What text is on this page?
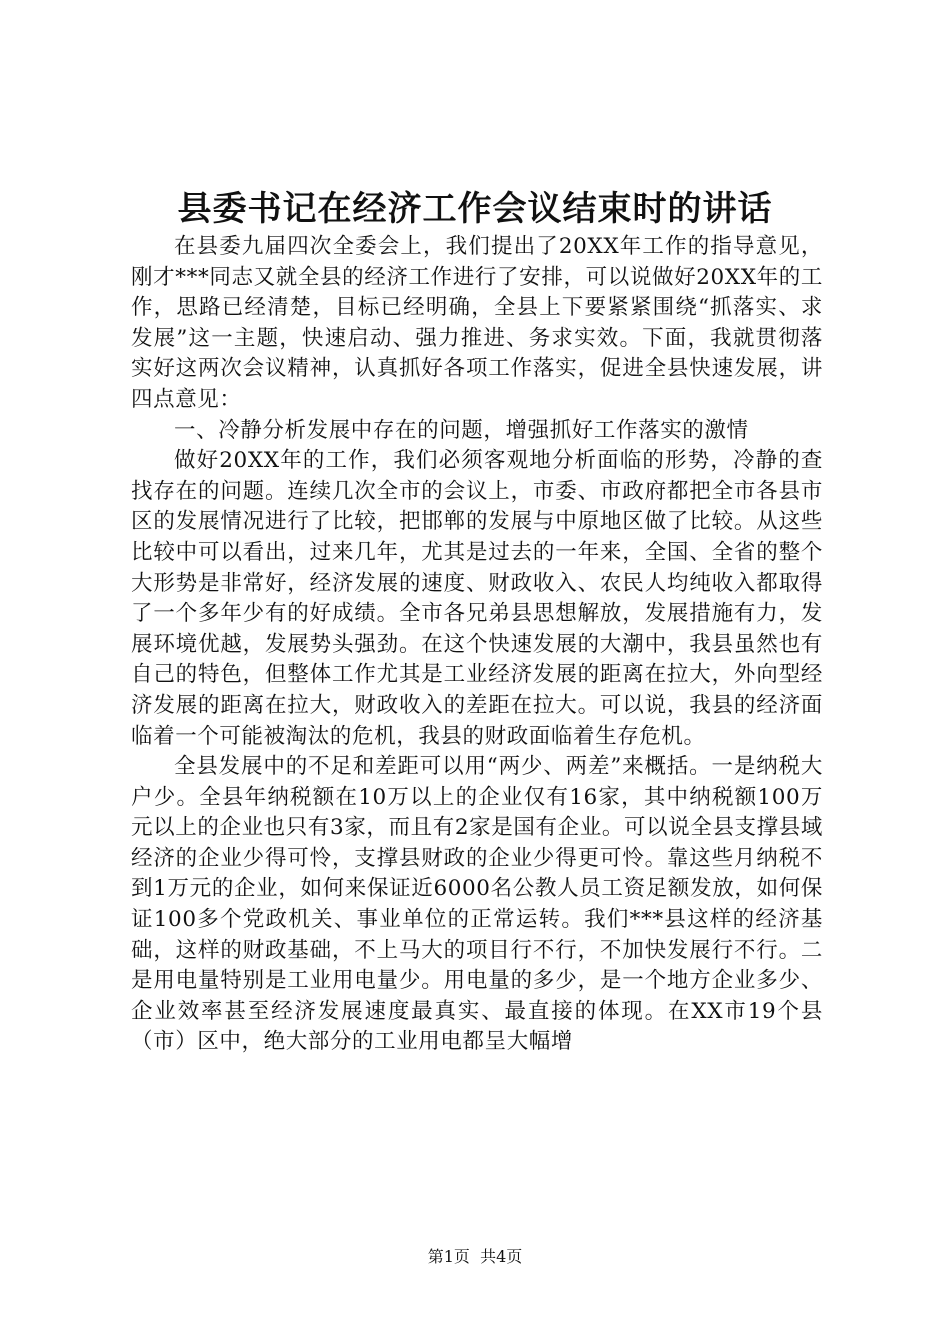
县委书记在经济工作会议结束时的讲话

在县委九届四次全委会上，我们提出了20XX年工作的指导意见，刚才***同志又就全县的经济工作进行了安排，可以说做好20XX年的工作，思路已经清楚，目标已经明确，全县上下要紧紧围绕“抓落实、求发展”这一主题，快速启动、强力推进、务求实效。下面，我就贯彻落实好这两次会议精神，认真抓好各项工作落实，促进全县快速发展，讲四点意见：

一、冷静分析发展中存在的问题，增强抓好工作落实的激情

做好20XX年的工作，我们必须客观地分析面临的形势，冷静的查找存在的问题。连续几次全市的会议上，市委、市政府都把全市各县市区的发展情况进行了比较，把邯郸的发展与中原地区做了比较。从这些比较中可以看出，过来几年，尤其是过去的一年来，全国、全省的整个大形势是非常好，经济发展的速度、财政收入、农民人均纯收入都取得了一个多年少有的好成绩。全市各兄弟县思想解放，发展措施有力，发展环境优越，发展势头强劲。在这个快速发展的大潮中，我县虽然也有自己的特色，但整体工作尤其是工业经济发展的距离在拉大，外向型经济发展的距离在拉大，财政收入的差距在拉大。可以说，我县的经济面临着一个可能被淘汰的危机，我县的财政面临着生存危机。

全县发展中的不足和差距可以用“两少、两差”来概括。一是纳税大户少。全县年纳税额在10万以上的企业仅有16家，其中纳税额100万元以上的企业也只有3家，而且有2家是国有企业。可以说全县支撑县域经济的企业少得可怜，支撑县财政的企业少得更可怜。靠这些月纳税不到1万元的企业，如何来保证近6000名公教人员工资足额发放，如何保证100多个党政机关、事业单位的正常运转。我们***县这样的经济基础，这样的财政基础，不上马大的项目行不行，不加快发展行不行。二是用电量特别是工业用电量少。用电量的多少，是一个地方企业多少、企业效率甚至经济发展速度最真实、最直接的体现。在XX市19个县（市）区中，绝大部分的工业用电都呈大幅增

第1页 共4页
